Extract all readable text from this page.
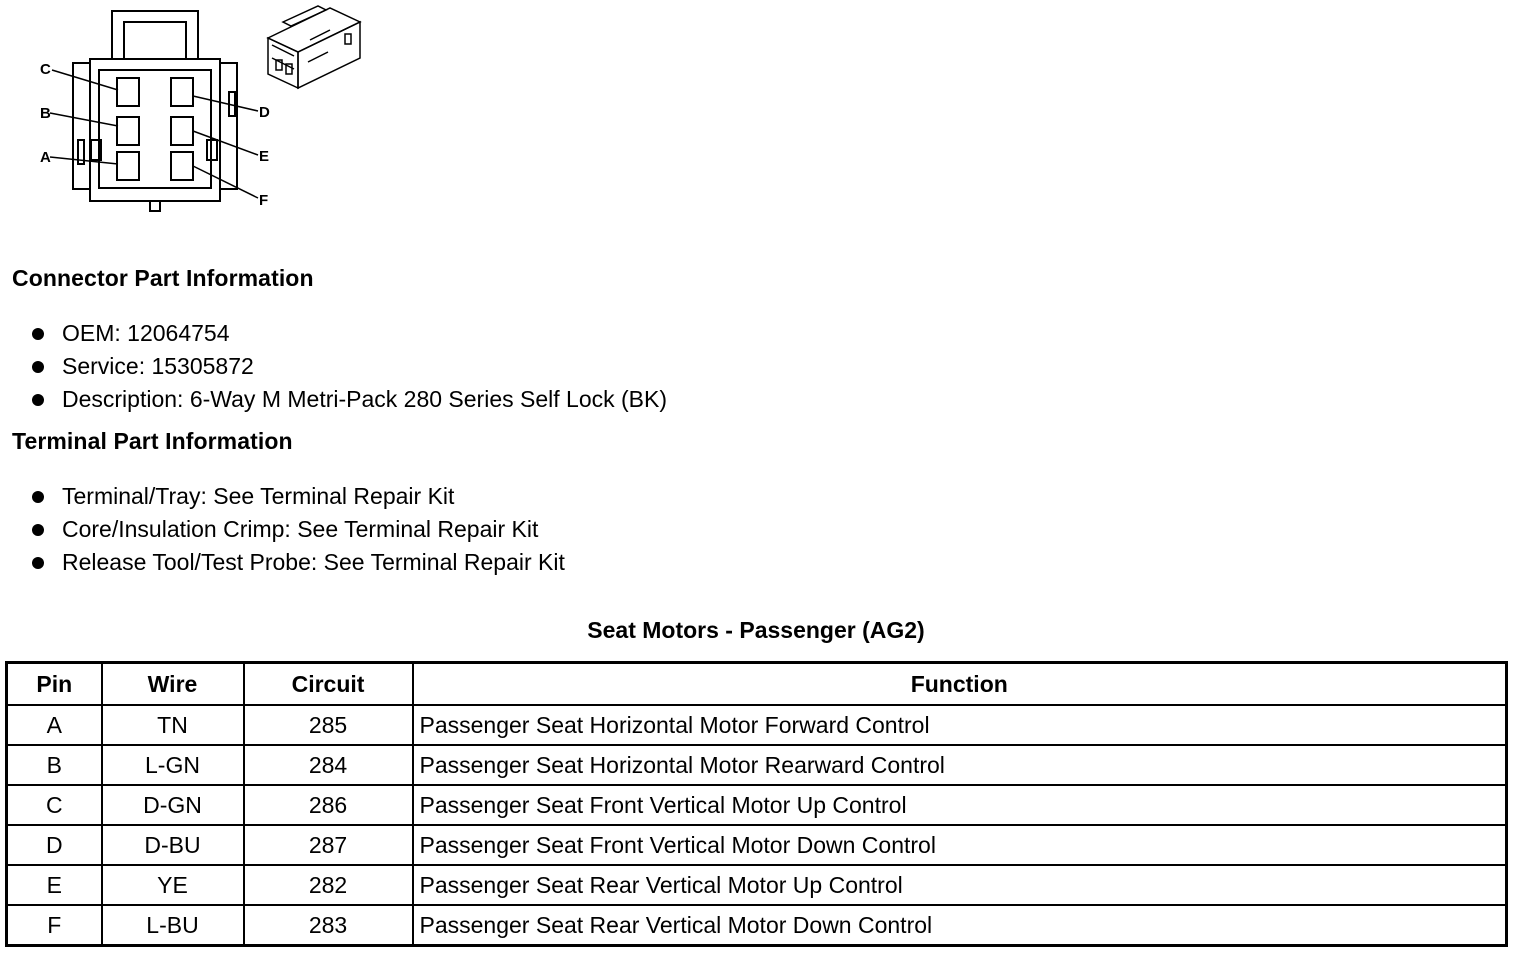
C
B
A
D
E
F
Connector Part Information
OEM: 12064754
Service: 15305872
Description: 6-Way M Metri-Pack 280 Series Self Lock (BK)
Terminal Part Information
Terminal/Tray: See Terminal Repair Kit
Core/Insulation Crimp: See Terminal Repair Kit
Release Tool/Test Probe: See Terminal Repair Kit
Seat Motors - Passenger (AG2)
Pin	Wire	Circuit	Function
A	TN	285	Passenger Seat Horizontal Motor Forward Control
B	L-GN	284	Passenger Seat Horizontal Motor Rearward Control
C	D-GN	286	Passenger Seat Front Vertical Motor Up Control
D	D-BU	287	Passenger Seat Front Vertical Motor Down Control
E	YE	282	Passenger Seat Rear Vertical Motor Up Control
F	L-BU	283	Passenger Seat Rear Vertical Motor Down Control
